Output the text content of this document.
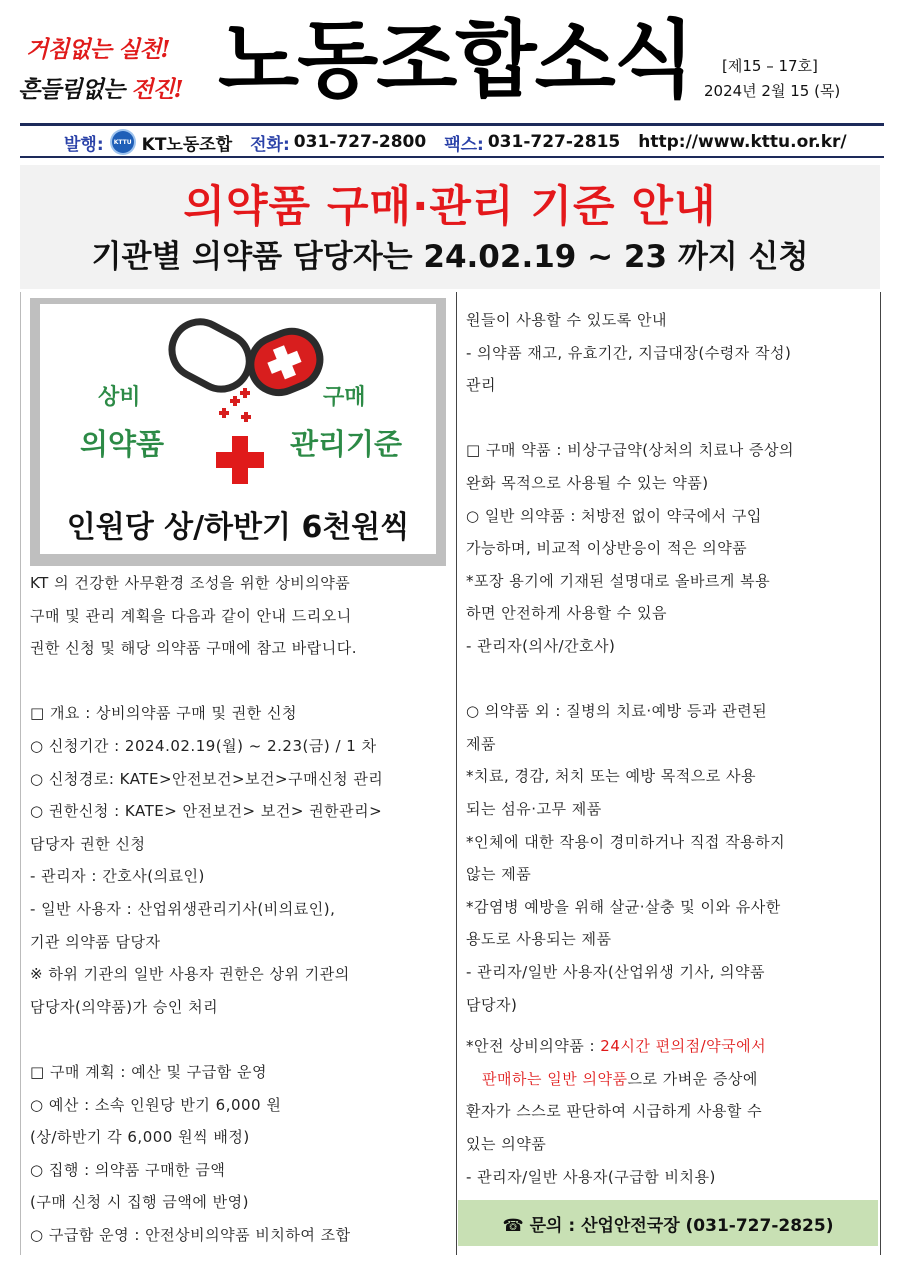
거침없는 실천!
흔들림없는 전진! 노동조합소식 [제15 – 17호]
2024년 2월 15 (목)
발행:	KTTU KT노동조합 전화: 031-727-2800 팩스: 031-727-2815 http://www.kttu.or.kr/
의약품 구매·관리 기준 안내
기관별 의약품 담당자는 24.02.19 ~ 23 까지 신청
상비
의약품
구매
관리기준
인원당 상/하반기 6천원씩
KT 의 건강한 사무환경 조성을 위한 상비의약품
구매 및 관리 계획을 다음과 같이 안내 드리오니
권한 신청 및 해당 의약품 구매에 참고 바랍니다.
□ 개요 : 상비의약품 구매 및 권한 신청
○ 신청기간 : 2024.02.19(월) ~ 2.23(금) / 1 차
○ 신청경로: KATE>안전보건>보건>구매신청 관리
○ 권한신청 : KATE> 안전보건> 보건> 권한관리>
담당자 권한 신청
- 관리자 : 간호사(의료인)
- 일반 사용자 : 산업위생관리기사(비의료인),
기관 의약품 담당자
※ 하위 기관의 일반 사용자 권한은 상위 기관의
담당자(의약품)가 승인 처리
□ 구매 계획 : 예산 및 구급함 운영
○ 예산 : 소속 인원당 반기 6,000 원
(상/하반기 각 6,000 원씩 배정)
○ 집행 : 의약품 구매한 금액
(구매 신청 시 집행 금액에 반영)
○ 구급함 운영 : 안전상비의약품 비치하여 조합
원들이 사용할 수 있도록 안내
- 의약품 재고, 유효기간, 지급대장(수령자 작성)
관리
□ 구매 약품 : 비상구급약(상처의 치료나 증상의
완화 목적으로 사용될 수 있는 약품)
○ 일반 의약품 : 처방전 없이 약국에서 구입
가능하며, 비교적 이상반응이 적은 의약품
*포장 용기에 기재된 설명대로 올바르게 복용
하면 안전하게 사용할 수 있음
- 관리자(의사/간호사)
○ 의약품 외 : 질병의 치료·예방 등과 관련된
제품
*치료, 경감, 처치 또는 예방 목적으로 사용
되는 섬유·고무 제품
*인체에 대한 작용이 경미하거나 직접 작용하지
않는 제품
*감염병 예방을 위해 살균·살충 및 이와 유사한
용도로 사용되는 제품
- 관리자/일반 사용자(산업위생 기사, 의약품
담당자)
*안전 상비의약품 : 24시간 편의점/약국에서
판매하는 일반 의약품으로 가벼운 증상에
환자가 스스로 판단하여 시급하게 사용할 수
있는 의약품
- 관리자/일반 사용자(구급함 비치용)
☎ 문의 : 산업안전국장 (031-727-2825)
